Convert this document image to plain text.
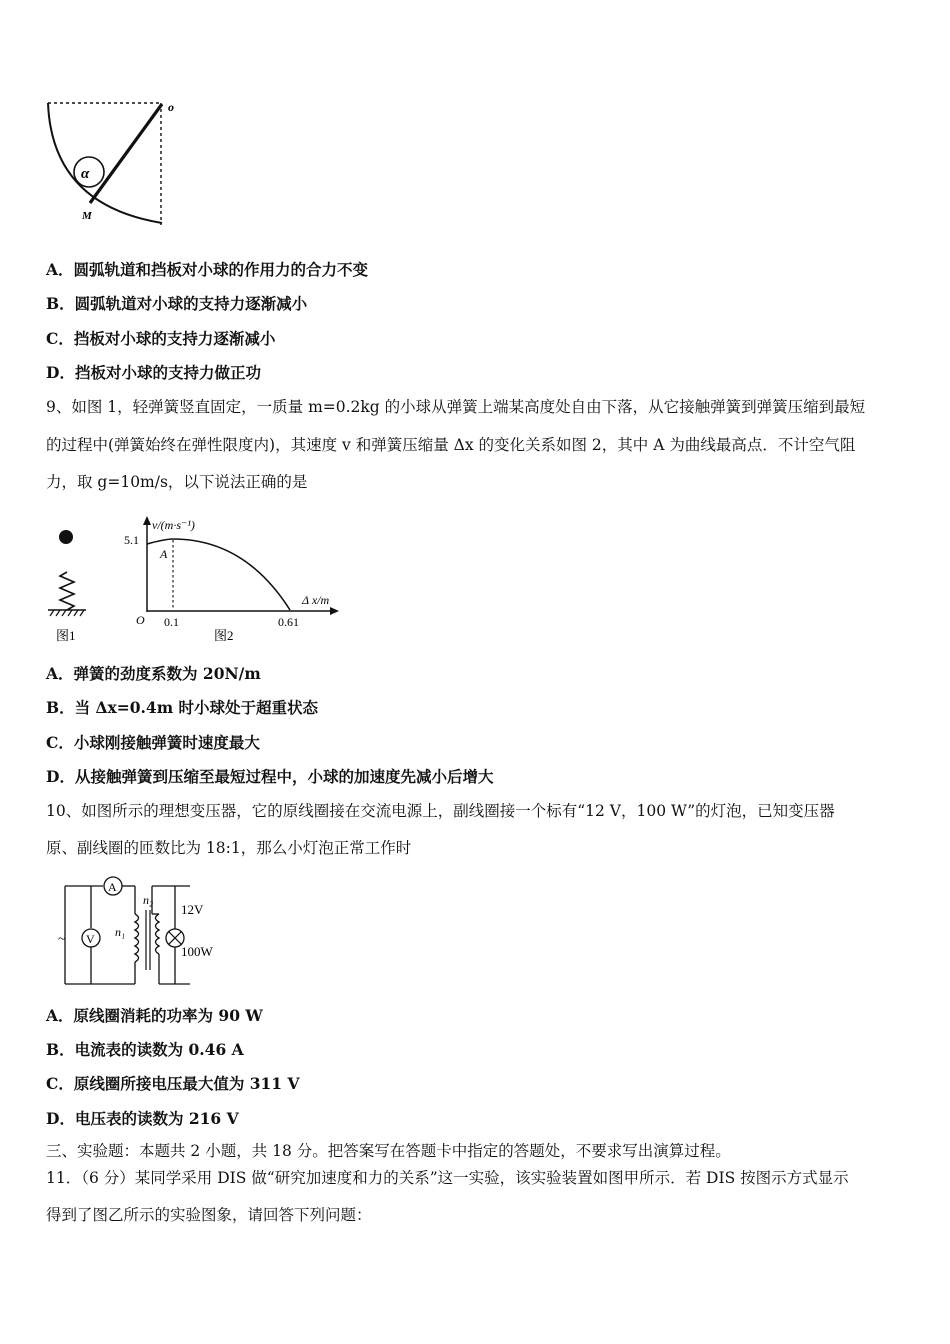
α
o
M
A．圆弧轨道和挡板对小球的作用力的合力不变
B．圆弧轨道对小球的支持力逐渐减小
C．挡板对小球的支持力逐渐减小
D．挡板对小球的支持力做正功
9、如图 1，轻弹簧竖直固定，一质量 m=0.2kg 的小球从弹簧上端某高度处自由下落，从它接触弹簧到弹簧压缩到最短
的过程中(弹簧始终在弹性限度内)，其速度 v 和弹簧压缩量 Δx 的变化关系如图 2，其中 A 为曲线最高点．不计空气阻
力，取 g=10m/s，以下说法正确的是
图1
v/(m·s⁻¹)
Δ x/m
O
5.1
A
0.1	0.61
图2
A．弹簧的劲度系数为 20N/m
B．当 Δx=0.4m 时小球处于超重状态
C．小球刚接触弹簧时速度最大
D．从接触弹簧到压缩至最短过程中，小球的加速度先减小后增大
10、如图所示的理想变压器，它的原线圈接在交流电源上，副线圈接一个标有“12 V，100 W”的灯泡，已知变压器
原、副线圈的匝数比为 18:1，那么小灯泡正常工作时
A
~ V n₁
n₂
12V
100W
A．原线圈消耗的功率为 90 W
B．电流表的读数为 0.46 A
C．原线圈所接电压最大值为 311 V
D．电压表的读数为 216 V
三、实验题：本题共 2 小题，共 18 分。把答案写在答题卡中指定的答题处，不要求写出演算过程。
11．（6 分）某同学采用 DIS 做“研究加速度和力的关系”这一实验，该实验装置如图甲所示．若 DIS 按图示方式显示
得到了图乙所示的实验图象，请回答下列问题：
